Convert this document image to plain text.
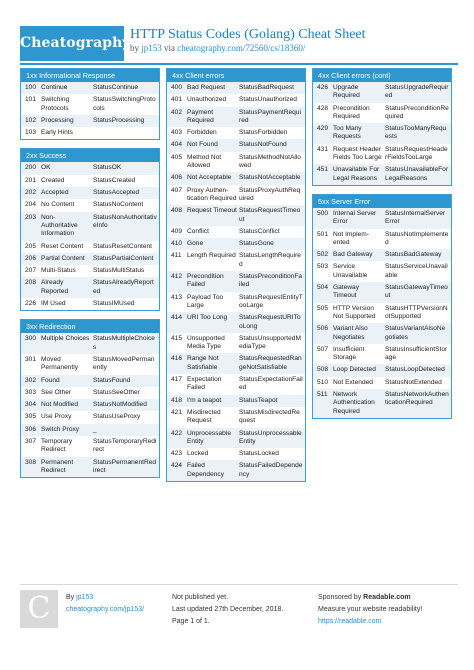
Cheatography
HTTP Status Codes (Golang) Cheat Sheet
by jp153 via cheatography.com/72560/cs/18360/
1xx Informational Response
100 Continue	StatusContinue
101 Switching Protocols
StatusSwitchingProtocols
102 Processing	StatusProcessing
103 Early Hints
2xx Success
200 OK	StatusOK
201 Created	StatusCreated
202 Accepted	StatusAccepted
204 No Content	StatusNoContent
203 Non-Authoritative Information
StatusNonAuthoritativeInfo
205 Reset Content	StatusResetContent
206 Partial Content	StatusPartialContent
207 Multi-Status	StatusMultiStatus
208 Already Reported
StatusAlreadyReported
226 IM Used	StatusIMUsed
3xx Redirection
300 Multiple Choices StatusMultipleChoices
301 Moved Permanently
StatusMovedPermanently
302 Found	StatusFound
303 See Other	StatusSeeOther
304 Not Modified	StatusNotModified
305 Use Proxy	StatusUseProxy
306 Switch Proxy	_
307 Temporary Redirect
StatusTemporaryRedirect
308 Permanent Redirect
StatusPermanentRedirect
4xx Client errors
400 Bad Request	StatusBadRequest
401 Unauthorized	StatusUnauthorized
402 Payment Required
StatusPaymentRequired
403 Forbidden	StatusForbidden
404 Not Found	StatusNotFound
405 Method Not Allowed
StatusMethodNotAllowed
406 Not Acceptable	StatusNotAcceptable
407 Proxy Authentication Required
StatusProxyAuthRequired
408 Request Timeout StatusRequestTimeout
409 Conflict	StatusConflict
410 Gone	StatusGone
411 Length Required StatusLengthRequired
412 Precondition Failed
StatusPreconditionFailed
413 Payload Too Large
StatusRequestEntityTooLarge
414 URI Too Long	StatusRequestURITooLong
415 Unsupported Media Type
StatusUnsupportedMediaType
416 Range Not Satisfiable
StatusRequestedRangeNotSatisfiable
417 Expectation Failed
StatusExpectationFailed
418 I'm a teapot	StatusTeapot
421 Misdirected Request
StatusMisdirectedRequest
422 Unprocessable Entity
StatusUnprocessableEntity
423 Locked	StatusLocked
424 Failed Dependency
StatusFailedDependency
4xx Client errors (cont)
426 Upgrade Required
StatusUpgradeRequired
428 Precondition Required
StatusPreconditionRequired
429 Too Many Requests
StatusTooManyRequests
431 Request Header Fields Too Large
StatusRequestHeaderFieldsTooLarge
451 Unavailable For Legal Reasons
StatusUnavailableForLegalReasons
5xx Server Error
500 Internal Server Error
StatusInternalServerError
501 Not Implemented
StatusNotImplemented
502 Bad Gateway	StatusBadGateway
503 Service Unavailable
StatusServiceUnavailable
504 Gateway Timeout
StatusGatewayTimeout
505 HTTP Version Not Supported
StatusHTTPVersionNotSupported
506 Variant Also Negotiates
StatusVariantAlsoNegotiates
507 Insufficient Storage
StatusInsufficientStorage
508 Loop Detected	StatusLoopDetected
510 Not Extended	StatusNotExtended
511 Network Authentication Required
StatusNetworkAuthenticationRequired
C	By jp153
cheatography.com/jp153/
Not published yet.
Last updated 27th December, 2018.
Page 1 of 1.
Sponsored by Readable.com
Measure your website readability!
https://readable.com
